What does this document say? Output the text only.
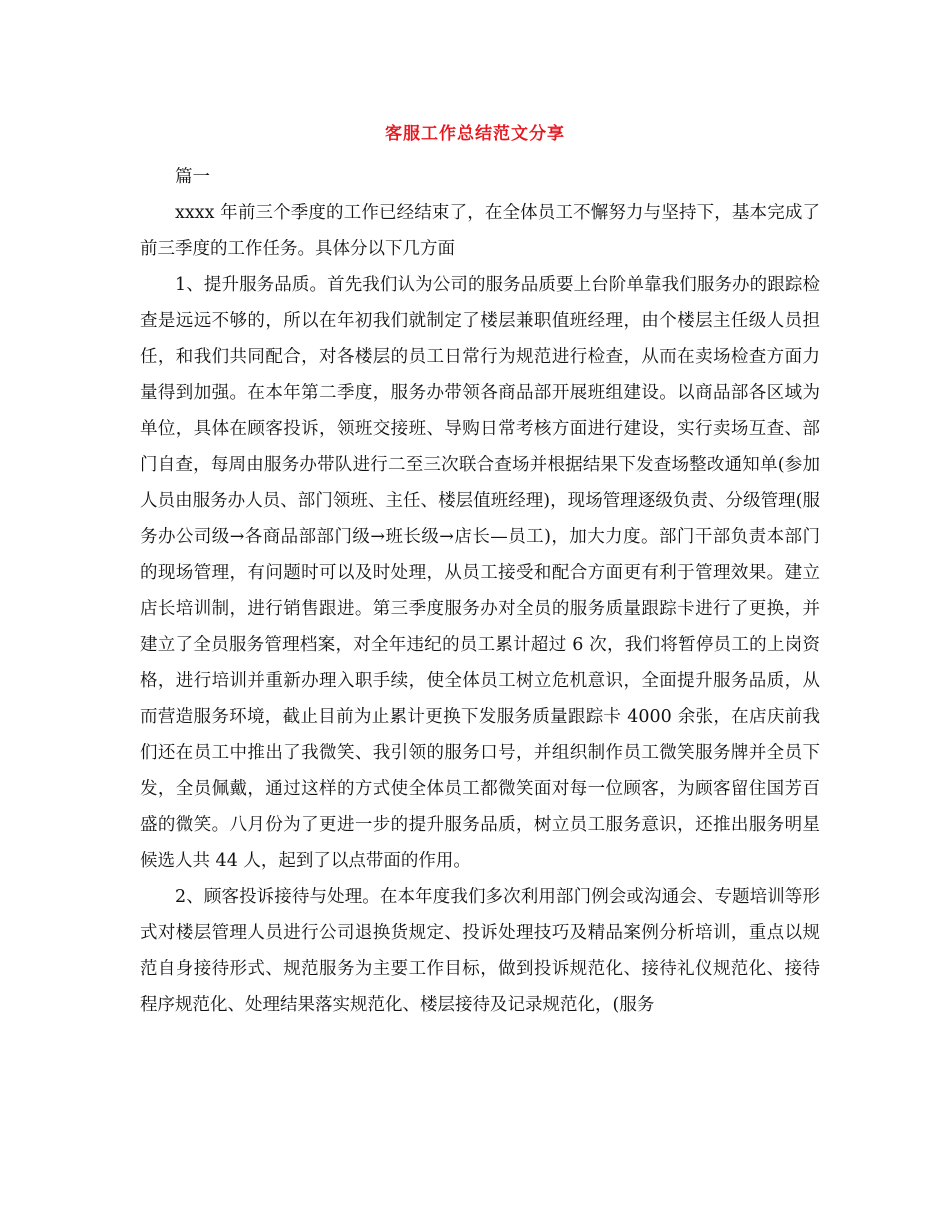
客服工作总结范文分享

篇一

xxxx 年前三个季度的工作已经结束了，在全体员工不懈努力与坚持下，基本完成了前三季度的工作任务。具体分以下几方面

1、提升服务品质。首先我们认为公司的服务品质要上台阶单靠我们服务办的跟踪检查是远远不够的，所以在年初我们就制定了楼层兼职值班经理，由个楼层主任级人员担任，和我们共同配合，对各楼层的员工日常行为规范进行检查，从而在卖场检查方面力量得到加强。在本年第二季度，服务办带领各商品部开展班组建设。以商品部各区域为单位，具体在顾客投诉，领班交接班、导购日常考核方面进行建设，实行卖场互查、部门自查，每周由服务办带队进行二至三次联合查场并根据结果下发查场整改通知单(参加人员由服务办人员、部门领班、主任、楼层值班经理)，现场管理逐级负责、分级管理(服务办公司级→各商品部部门级→班长级→店长—员工)，加大力度。部门干部负责本部门的现场管理，有问题时可以及时处理，从员工接受和配合方面更有利于管理效果。建立店长培训制，进行销售跟进。第三季度服务办对全员的服务质量跟踪卡进行了更换，并建立了全员服务管理档案，对全年违纪的员工累计超过 6 次，我们将暂停员工的上岗资格，进行培训并重新办理入职手续，使全体员工树立危机意识，全面提升服务品质，从而营造服务环境，截止目前为止累计更换下发服务质量跟踪卡 4000 余张，在店庆前我们还在员工中推出了我微笑、我引领的服务口号，并组织制作员工微笑服务牌并全员下发，全员佩戴，通过这样的方式使全体员工都微笑面对每一位顾客，为顾客留住国芳百盛的微笑。八月份为了更进一步的提升服务品质，树立员工服务意识，还推出服务明星候选人共 44 人，起到了以点带面的作用。

2、顾客投诉接待与处理。在本年度我们多次利用部门例会或沟通会、专题培训等形式对楼层管理人员进行公司退换货规定、投诉处理技巧及精品案例分析培训，重点以规范自身接待形式、规范服务为主要工作目标，做到投诉规范化、接待礼仪规范化、接待程序规范化、处理结果落实规范化、楼层接待及记录规范化，(服务
